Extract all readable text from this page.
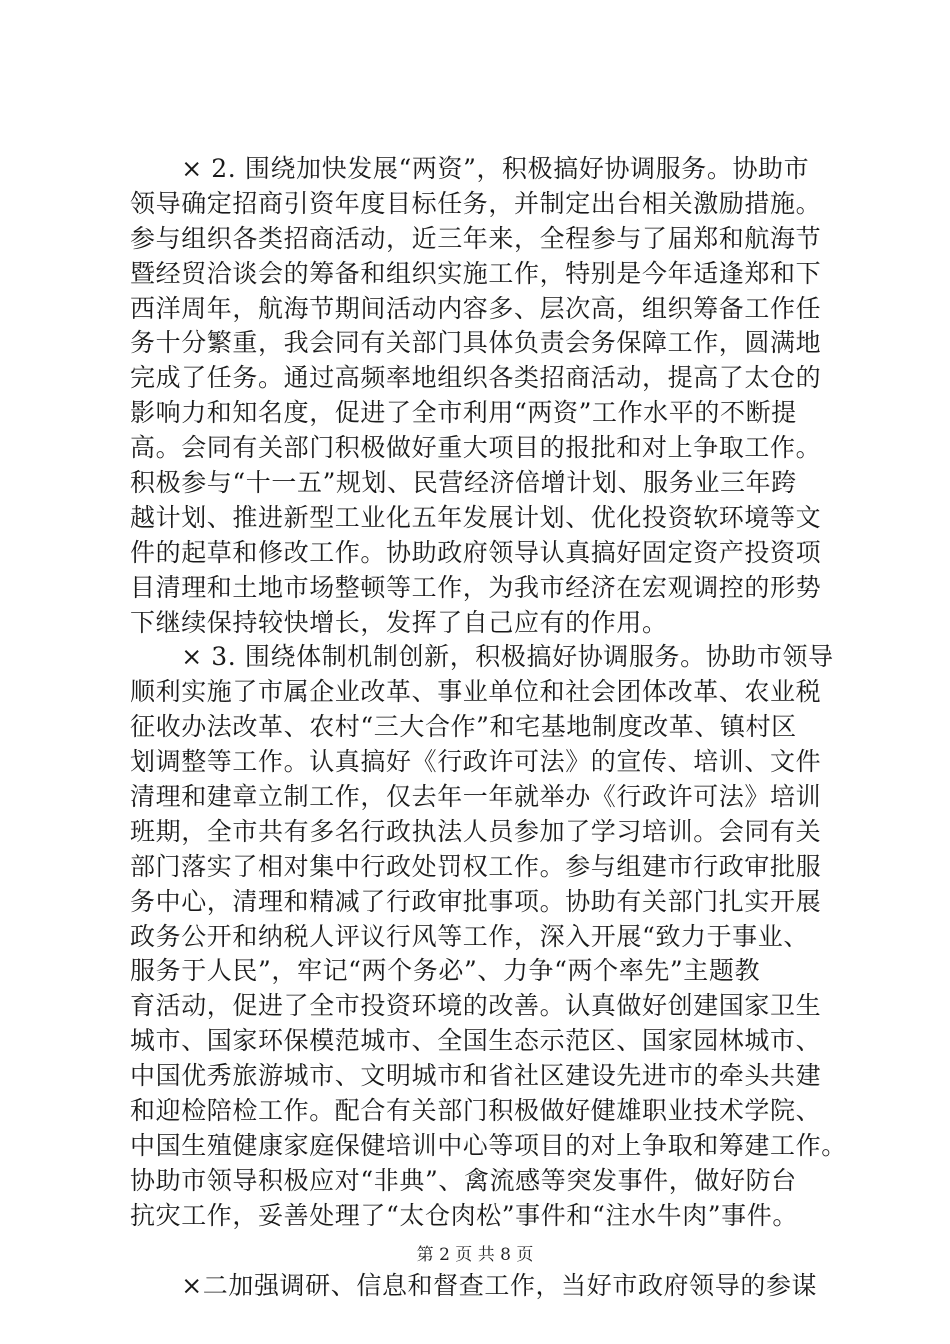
　　× 2. 围绕加快发展“两资”，积极搞好协调服务。协助市
领导确定招商引资年度目标任务，并制定出台相关激励措施。
参与组织各类招商活动，近三年来，全程参与了届郑和航海节
暨经贸洽谈会的筹备和组织实施工作，特别是今年适逢郑和下
西洋周年，航海节期间活动内容多、层次高，组织筹备工作任
务十分繁重，我会同有关部门具体负责会务保障工作，圆满地
完成了任务。通过高频率地组织各类招商活动，提高了太仓的
影响力和知名度，促进了全市利用“两资”工作水平的不断提
高。会同有关部门积极做好重大项目的报批和对上争取工作。
积极参与“十一五”规划、民营经济倍增计划、服务业三年跨
越计划、推进新型工业化五年发展计划、优化投资软环境等文
件的起草和修改工作。协助政府领导认真搞好固定资产投资项
目清理和土地市场整顿等工作，为我市经济在宏观调控的形势
下继续保持较快增长，发挥了自己应有的作用。
　　× 3. 围绕体制机制创新，积极搞好协调服务。协助市领导
顺利实施了市属企业改革、事业单位和社会团体改革、农业税
征收办法改革、农村“三大合作”和宅基地制度改革、镇村区
划调整等工作。认真搞好《行政许可法》的宣传、培训、文件
清理和建章立制工作，仅去年一年就举办《行政许可法》培训
班期，全市共有多名行政执法人员参加了学习培训。会同有关
部门落实了相对集中行政处罚权工作。参与组建市行政审批服
务中心，清理和精减了行政审批事项。协助有关部门扎实开展
政务公开和纳税人评议行风等工作，深入开展“致力于事业、
服务于人民”，牢记“两个务必”、力争“两个率先”主题教
育活动，促进了全市投资环境的改善。认真做好创建国家卫生
城市、国家环保模范城市、全国生态示范区、国家园林城市、
中国优秀旅游城市、文明城市和省社区建设先进市的牵头共建
和迎检陪检工作。配合有关部门积极做好健雄职业技术学院、
中国生殖健康家庭保健培训中心等项目的对上争取和筹建工作。
协助市领导积极应对“非典”、禽流感等突发事件，做好防台
抗灾工作，妥善处理了“太仓肉松”事件和“注水牛肉”事件。
　　×二加强调研、信息和督查工作，当好市政府领导的参谋
第 2 页 共 8 页
